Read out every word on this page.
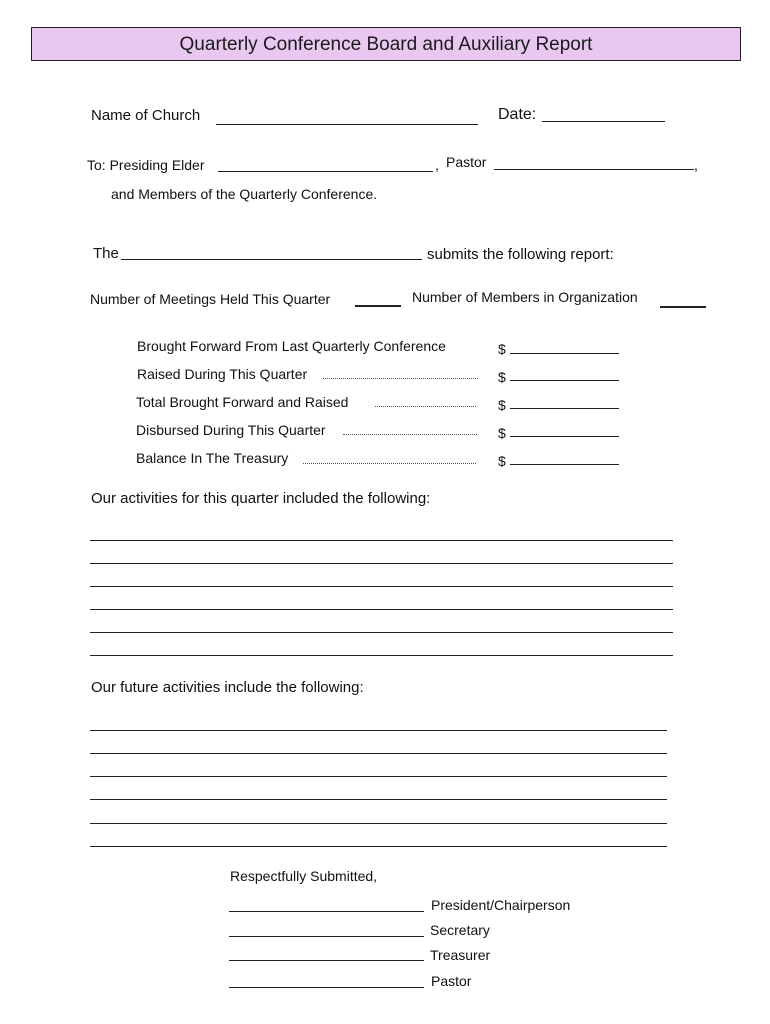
Quarterly Conference Board and Auxiliary Report
Name of Church	Date:
To: Presiding Elder	, Pastor	,
and Members of the Quarterly Conference.
The	submits the following report:
Number of Meetings Held This Quarter	Number of Members in Organization
Brought Forward From Last Quarterly Conference	$
Raised During This Quarter	$
Total Brought Forward and Raised	$
Disbursed During This Quarter	$
Balance In The Treasury	$
Our activities for this quarter included the following:
Our future activities include the following:
Respectfully Submitted,
President/Chairperson
Secretary
Treasurer
Pastor
